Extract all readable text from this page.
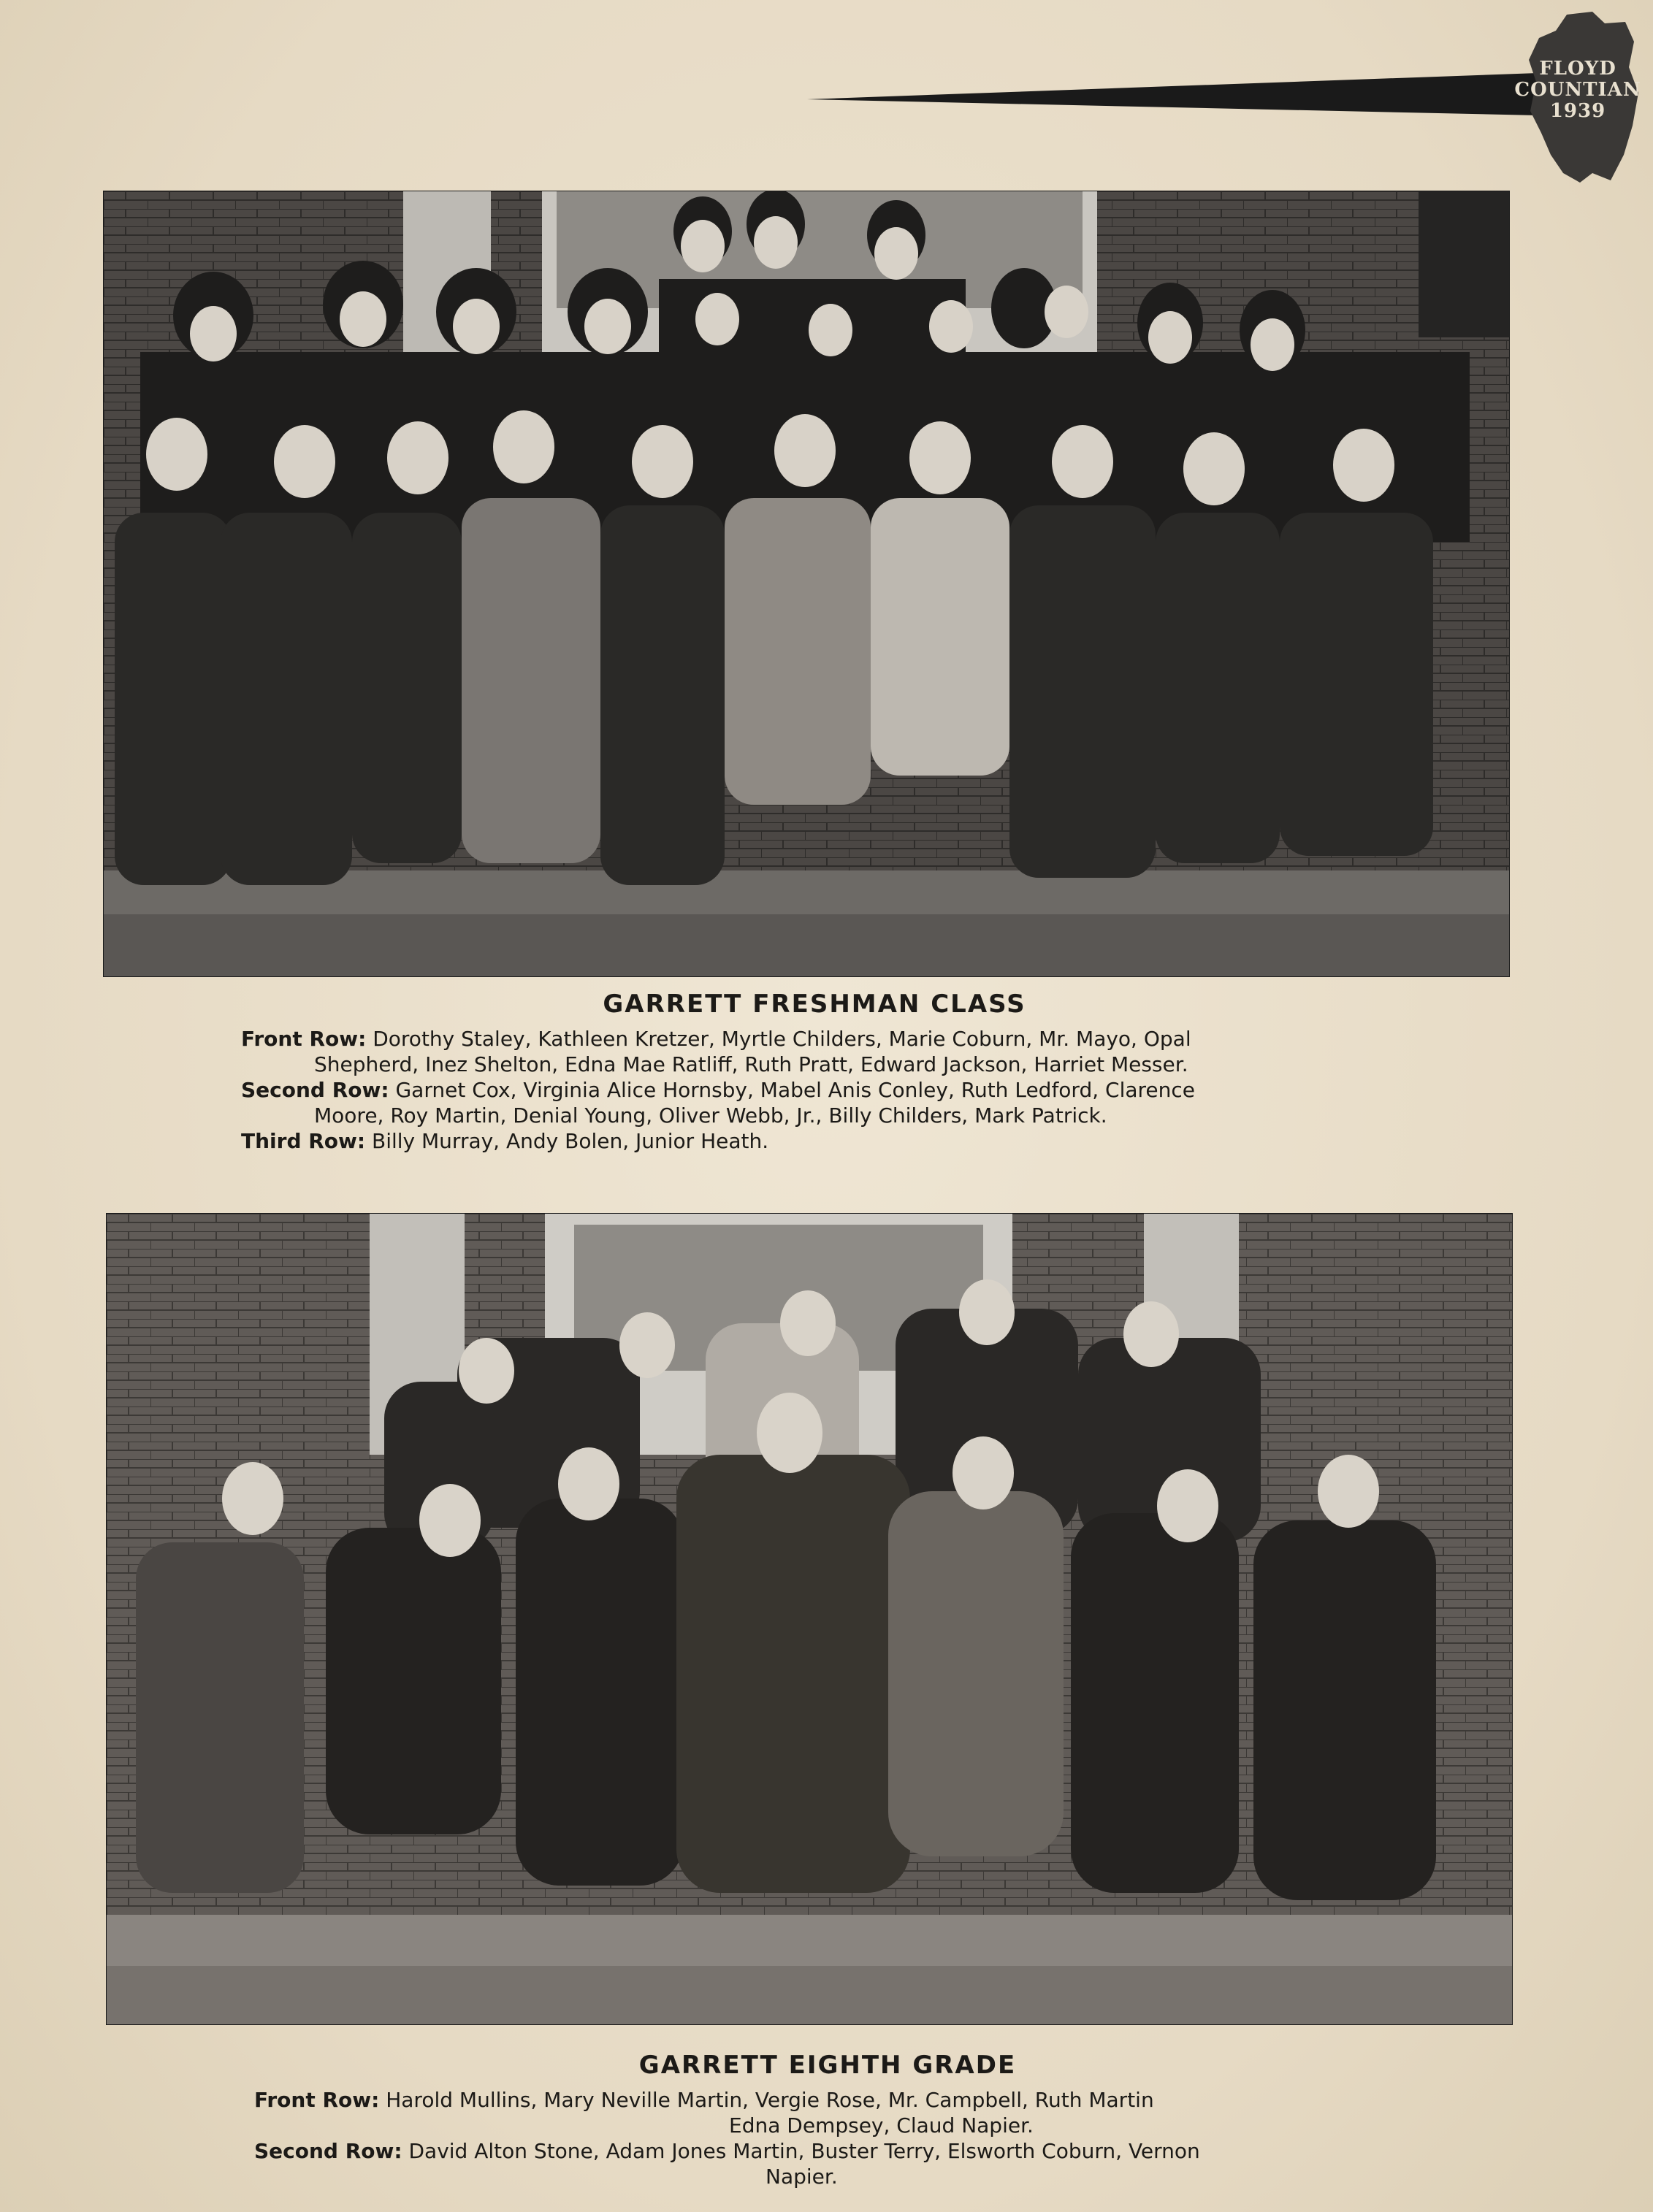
FLOYD
COUNTIAN
1939
GARRETT FRESHMAN CLASS
Front Row: Dorothy Staley, Kathleen Kretzer, Myrtle Childers, Marie Coburn, Mr. Mayo, Opal
Shepherd, Inez Shelton, Edna Mae Ratliff, Ruth Pratt, Edward Jackson, Harriet Messer.
Second Row: Garnet Cox, Virginia Alice Hornsby, Mabel Anis Conley, Ruth Ledford, Clarence
Moore, Roy Martin, Denial Young, Oliver Webb, Jr., Billy Childers, Mark Patrick.
Third Row: Billy Murray, Andy Bolen, Junior Heath.
GARRETT EIGHTH GRADE
Front Row: Harold Mullins, Mary Neville Martin, Vergie Rose, Mr. Campbell, Ruth Martin
Edna Dempsey, Claud Napier.
Second Row: David Alton Stone, Adam Jones Martin, Buster Terry, Elsworth Coburn, Vernon
Napier.
